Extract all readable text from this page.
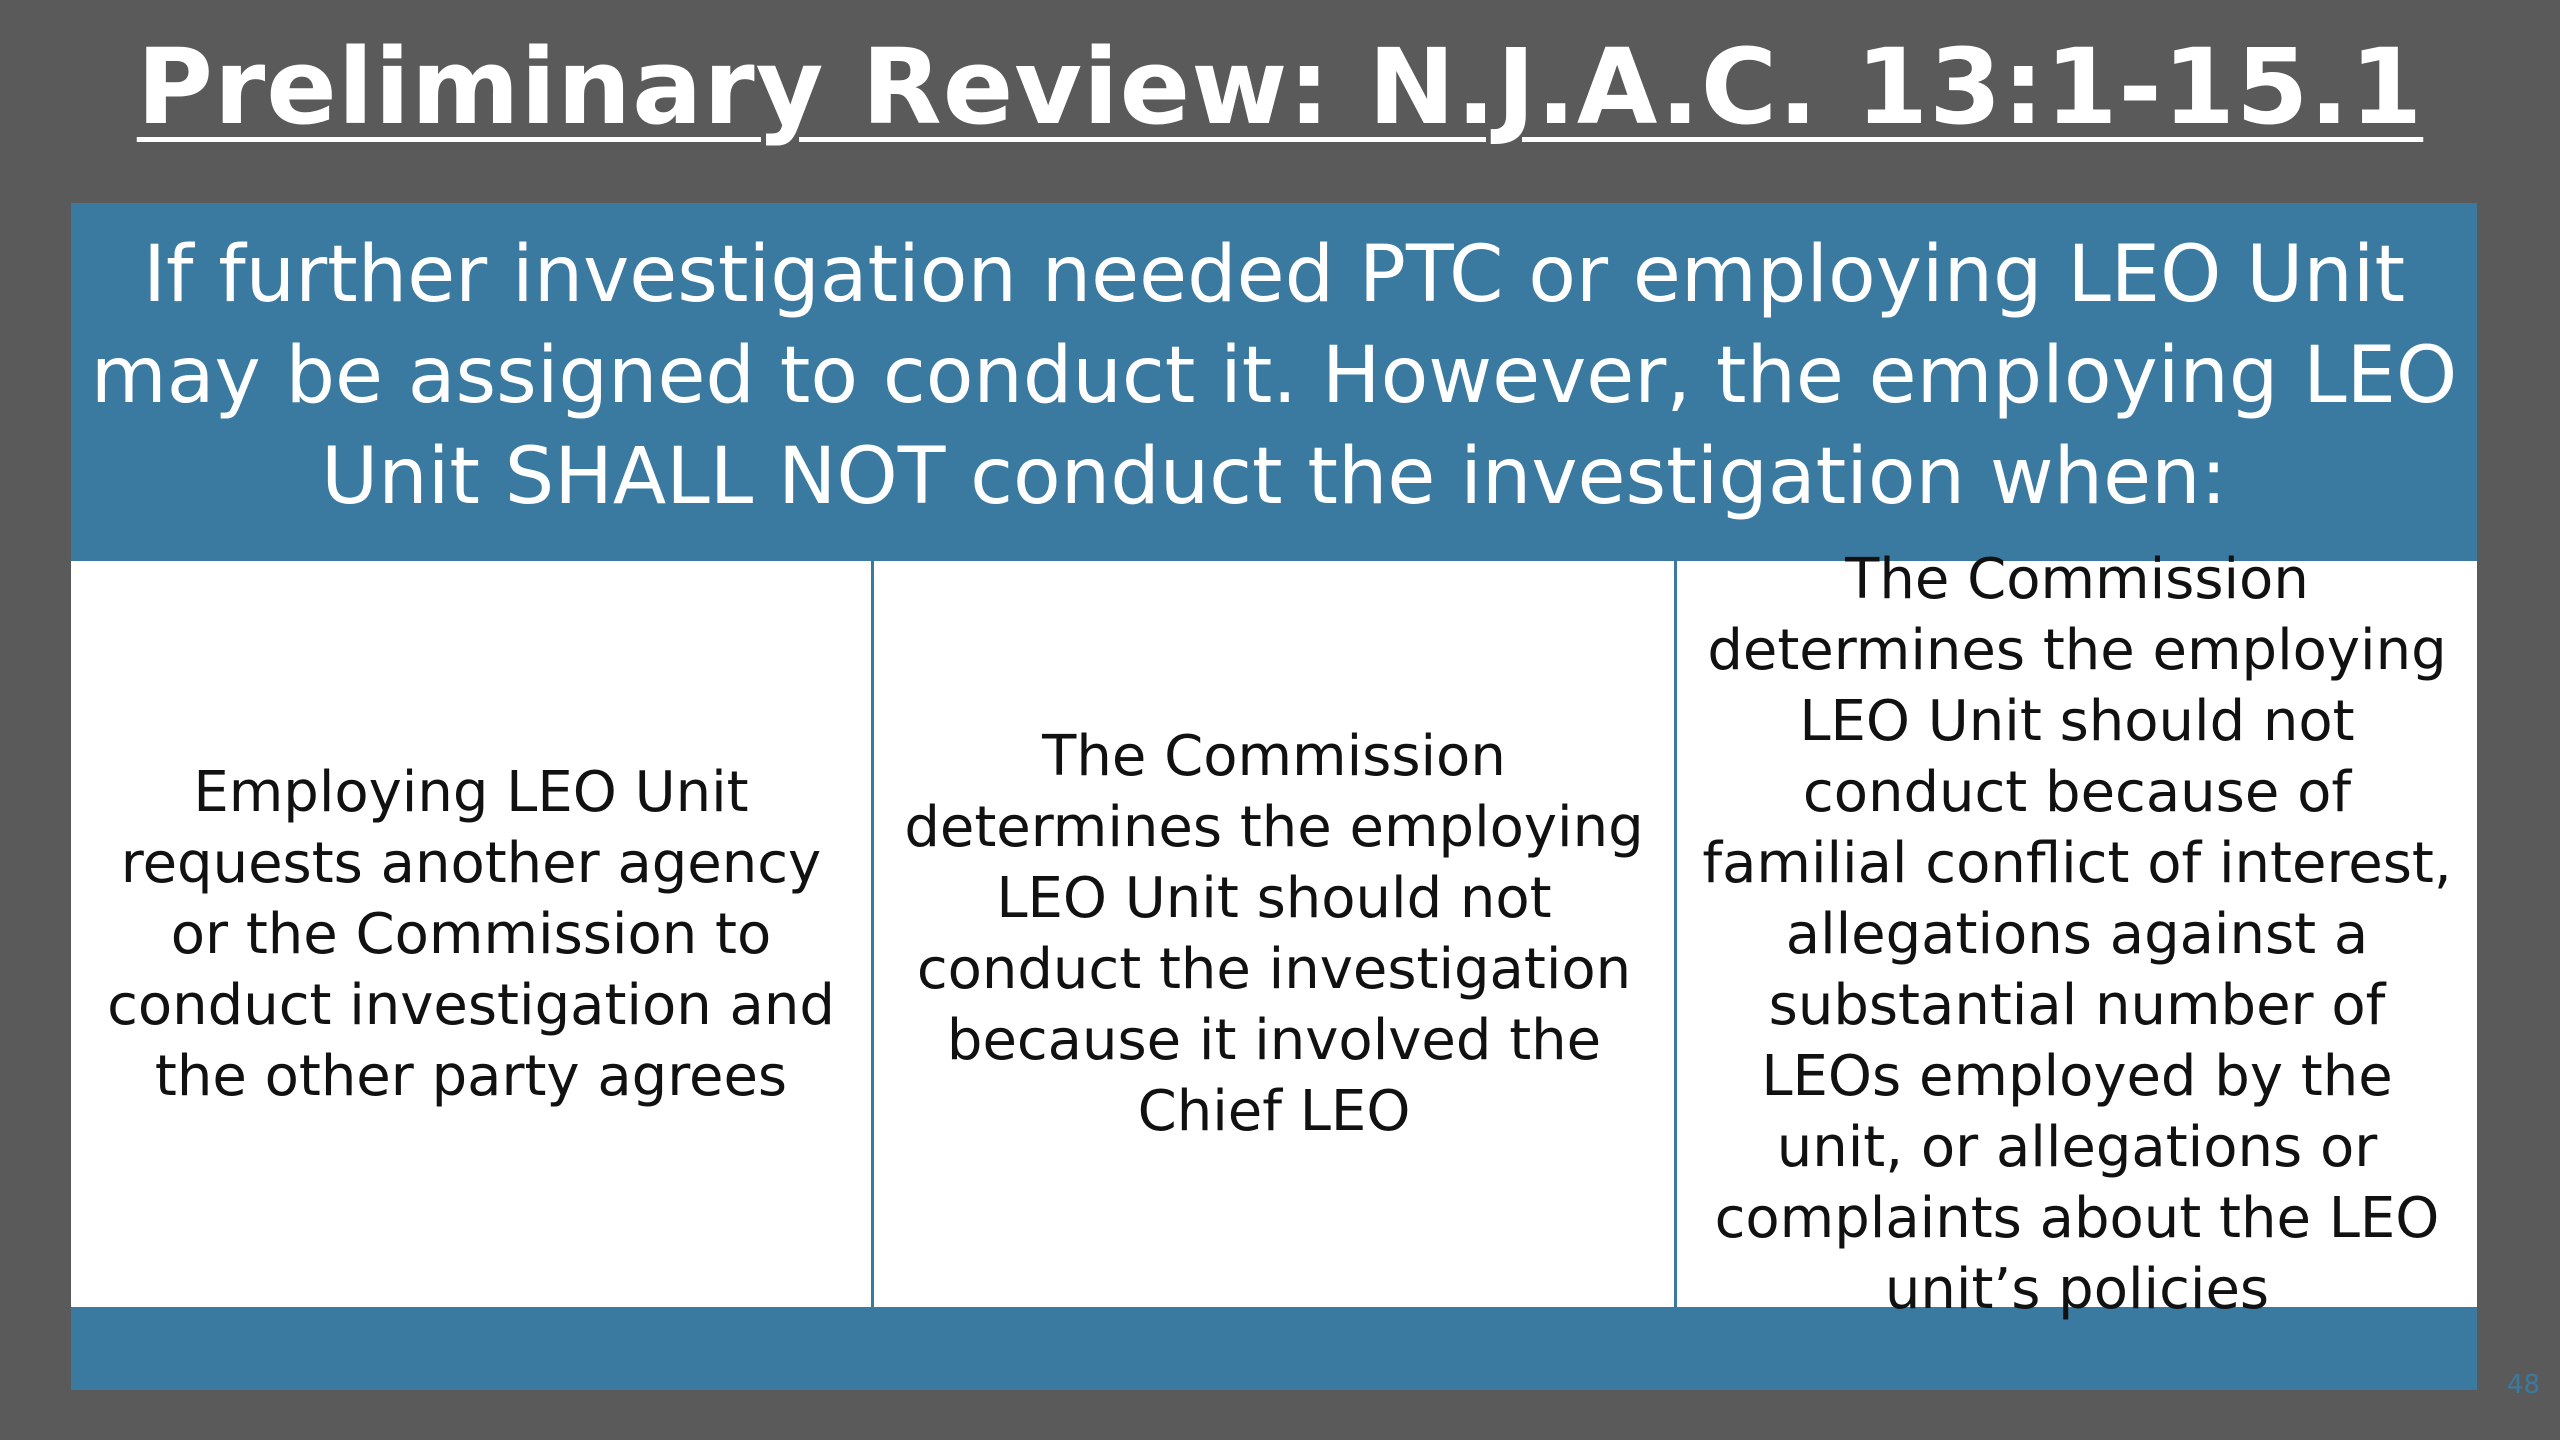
Preliminary Review: N.J.A.C. 13:1-15.1
If further investigation needed PTC or employing LEO Unit may be assigned to conduct it. However, the employing LEO Unit SHALL NOT conduct the investigation when:
Employing LEO Unit requests another agency or the Commission to conduct investigation and the other party agrees
The Commission determines the employing LEO Unit should not conduct the investigation because it involved the Chief LEO
The Commission determines the employing LEO Unit should not conduct because of familial conflict of interest, allegations against a substantial number of LEOs employed by the unit, or allegations or complaints about the LEO unit’s policies
48
